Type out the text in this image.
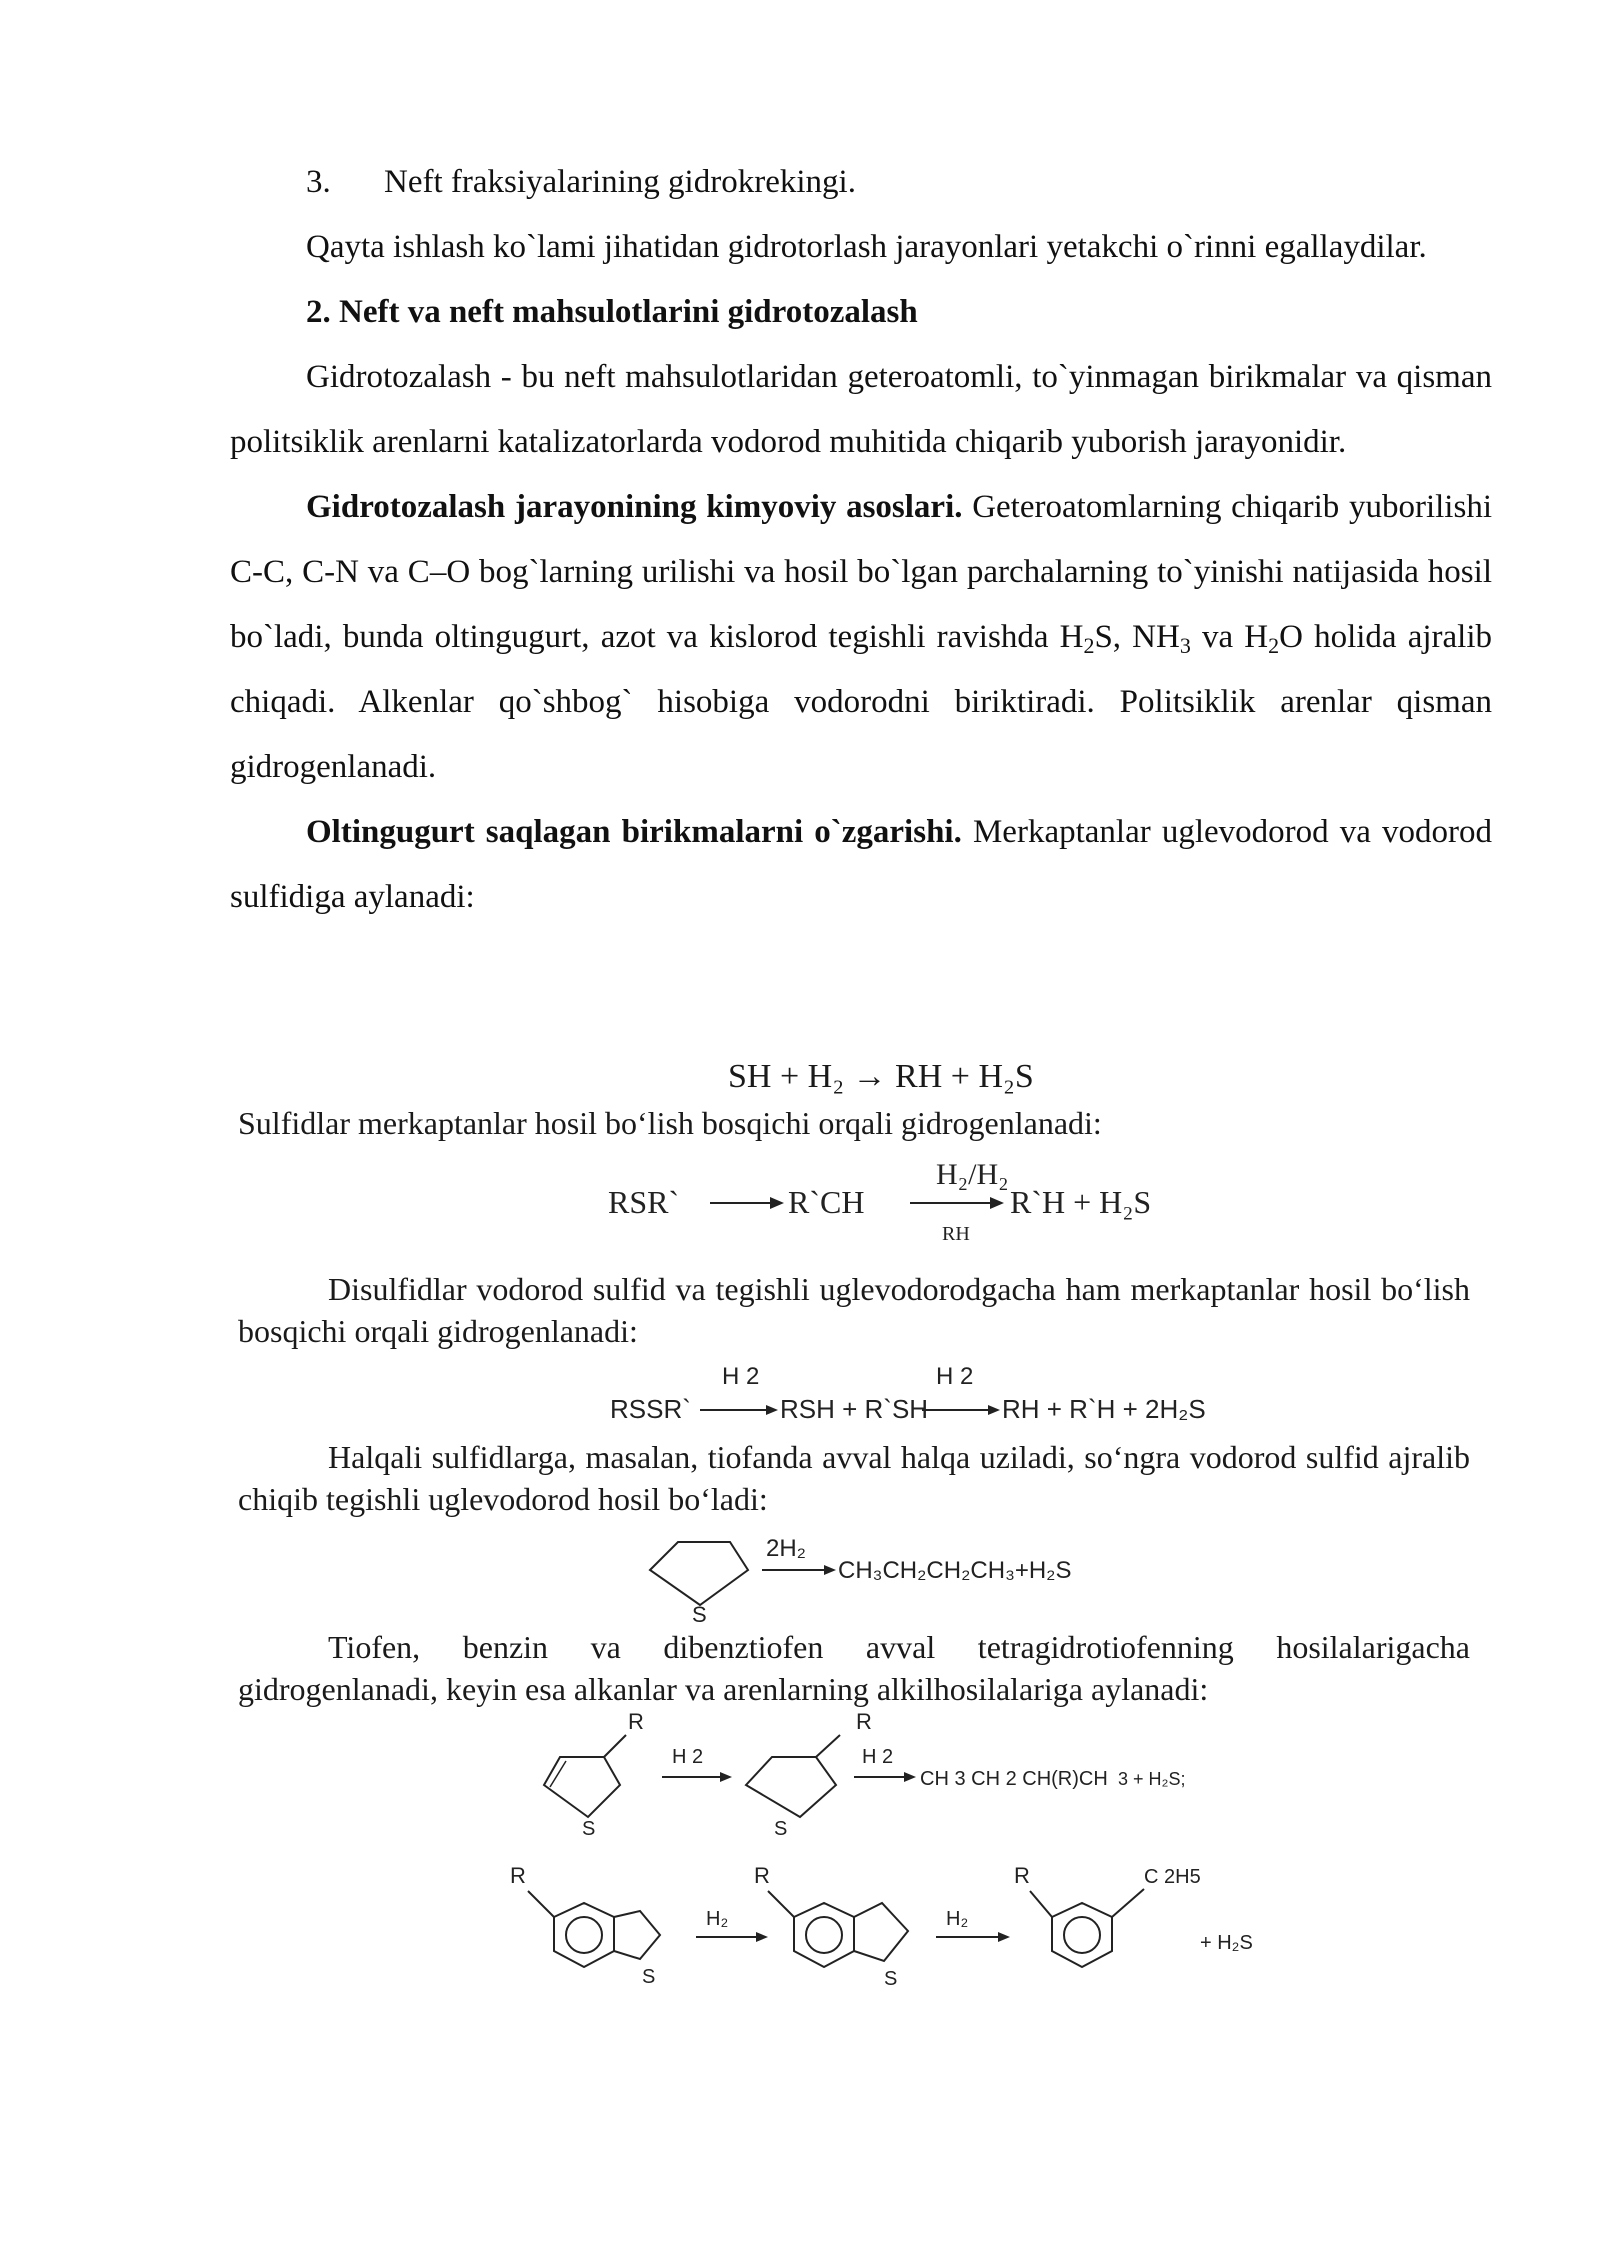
3. Neft fraksiyalarining gidrokrekingi.

Qayta ishlash ko`lami jihatidan gidrotorlash jarayonlari yetakchi o`rinni egallaydilar.

2. Neft va neft mahsulotlarini gidrotozalash

Gidrotozalash - bu neft mahsulotlaridan geteroatomli, to`yinmagan birikmalar va qisman politsiklik arenlarni katalizatorlarda vodorod muhitida chiqarib yuborish jarayonidir.

Gidrotozalash jarayonining kimyoviy asoslari. Geteroatomlarning chiqarib yuborilishi C-C, C-N va C–O bog`larning urilishi va hosil bo`lgan parchalarning to`yinishi natijasida hosil bo`ladi, bunda oltingugurt, azot va kislorod tegishli ravishda $H_2S$, $NH_3$ va $H_2O$ holida ajralib chiqadi. Alkenlar qo`shbog` hisobiga vodorodni biriktiradi. Politsiklik arenlar qisman gidrogenlanadi.

Oltingugurt saqlagan birikmalarni o`zgarishi. Merkaptanlar uglevodorod va vodorod sulfidiga aylanadi:

SH + H₂ → RH + H₂S
Sulfidlar merkaptanlar hosil bo‘lish bosqichi orqali gidrogenlanadi:
RSR`	R`CH
H₂/H₂
RH
R`H + H₂S
Disulfidlar vodorod sulfid va tegishli uglevodorodgacha ham merkaptanlar hosil bo‘lish bosqichi orqali gidrogenlanadi:
RSSR`
H 2
RSH + R`SH
H 2
RH + R`H + 2H₂S
Halqali sulfidlarga, masalan, tiofanda avval halqa uziladi, so‘ngra vodorod sulfid ajralib chiqib tegishli uglevodorod hosil bo‘ladi:
S
2H₂
CH₃CH₂CH₂CH₃+H₂S
Tiofen, benzin va dibenztiofen avval tetragidrotiofenning hosilalarigacha gidrogenlanadi, keyin esa alkanlar va arenlarning alkilhosilalariga aylanadi:
R
S
H 2
R
S
H 2
CH 3 CH 2 CH(R)CH 3 + H₂S;
R
S
H₂
R
S
H₂
R	C 2H5
+ H₂S
